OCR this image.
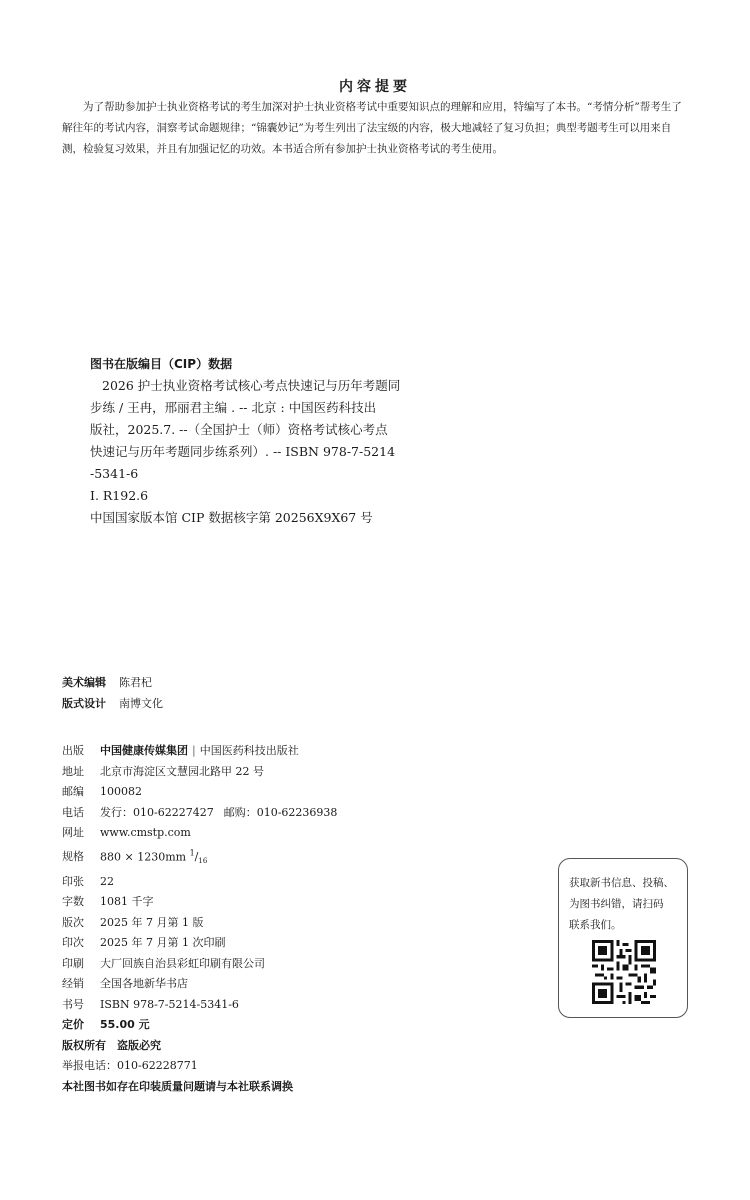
内容提要

为了帮助参加护士执业资格考试的考生加深对护士执业资格考试中重要知识点的理解和应用，特编写了本书。“考情分析”帮考生了解往年的考试内容，洞察考试命题规律；“锦囊妙记”为考生列出了法宝级的内容，极大地减轻了复习负担；典型考题考生可以用来自测，检验复习效果，并且有加强记忆的功效。本书适合所有参加护士执业资格考试的考生使用。

图书在版编目（CIP）数据
2026 护士执业资格考试核心考点快速记与历年考题同
步练 / 王冉，邢丽君主编 . -- 北京 : 中国医药科技出
版社，2025.7. --（全国护士（师）资格考试核心考点
快速记与历年考题同步练系列）. -- ISBN 978-7-5214
-5341-6
Ⅰ. R192.6
中国国家版本馆 CIP 数据核字第 20256X9X67 号
美术编辑 陈君杞
版式设计 南博文化
出版 中国健康传媒集团 | 中国医药科技出版社
地址 北京市海淀区文慧园北路甲 22 号
邮编 100082
电话 发行：010-62227427 邮购：010-62236938
网址 www.cmstp.com
规格 880 × 1230mm $^1/_{16}$
印张 22
字数 1081 千字
版次 2025 年 7 月第 1 版
印次 2025 年 7 月第 1 次印刷
印刷 大厂回族自治县彩虹印刷有限公司
经销 全国各地新华书店
书号 ISBN 978-7-5214-5341-6
定价 55.00 元
版权所有　盗版必究
举报电话：010-62228771
本社图书如存在印装质量问题请与本社联系调换
获取新书信息、投稿、
为图书纠错，请扫码
联系我们。
